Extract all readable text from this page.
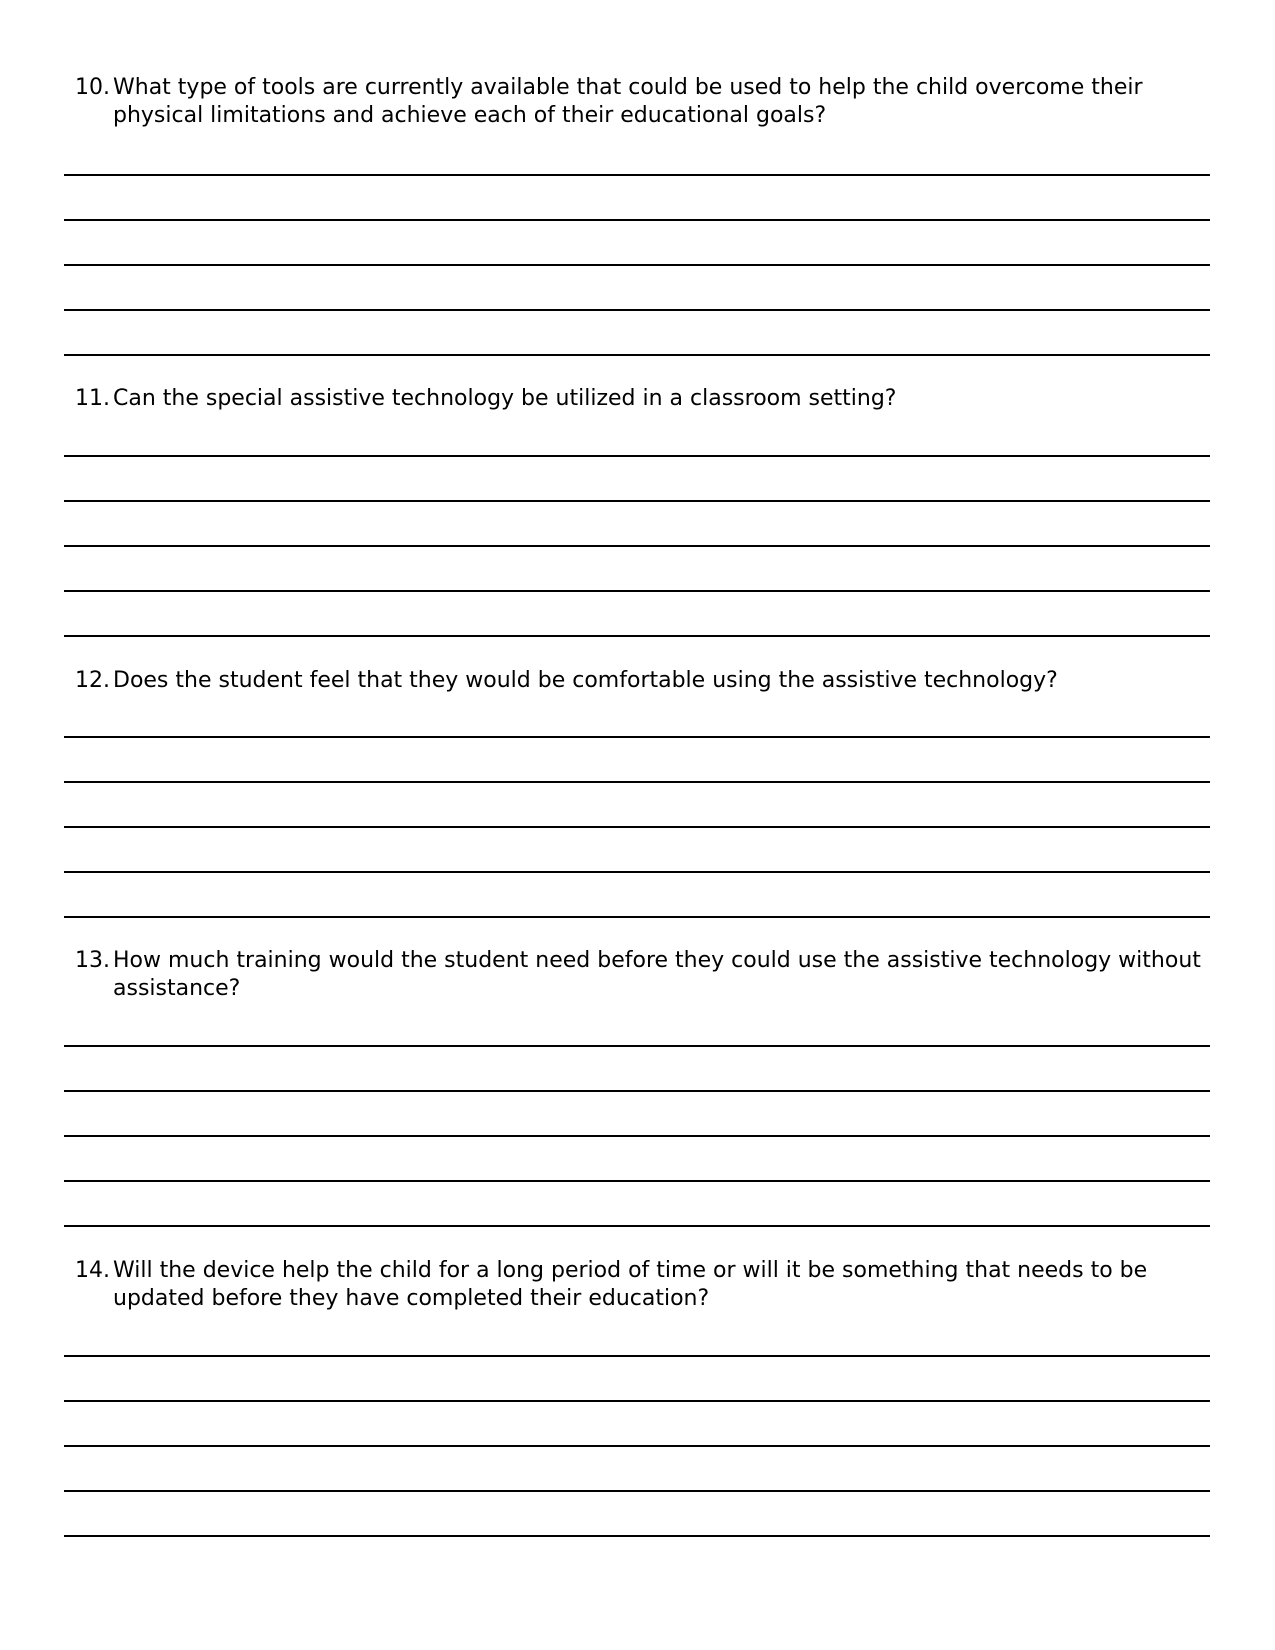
10. What type of tools are currently available that could be used to help the child overcome their physical limitations and achieve each of their educational goals?
11. Can the special assistive technology be utilized in a classroom setting?
12. Does the student feel that they would be comfortable using the assistive technology?
13. How much training would the student need before they could use the assistive technology without assistance?
14. Will the device help the child for a long period of time or will it be something that needs to be updated before they have completed their education?
